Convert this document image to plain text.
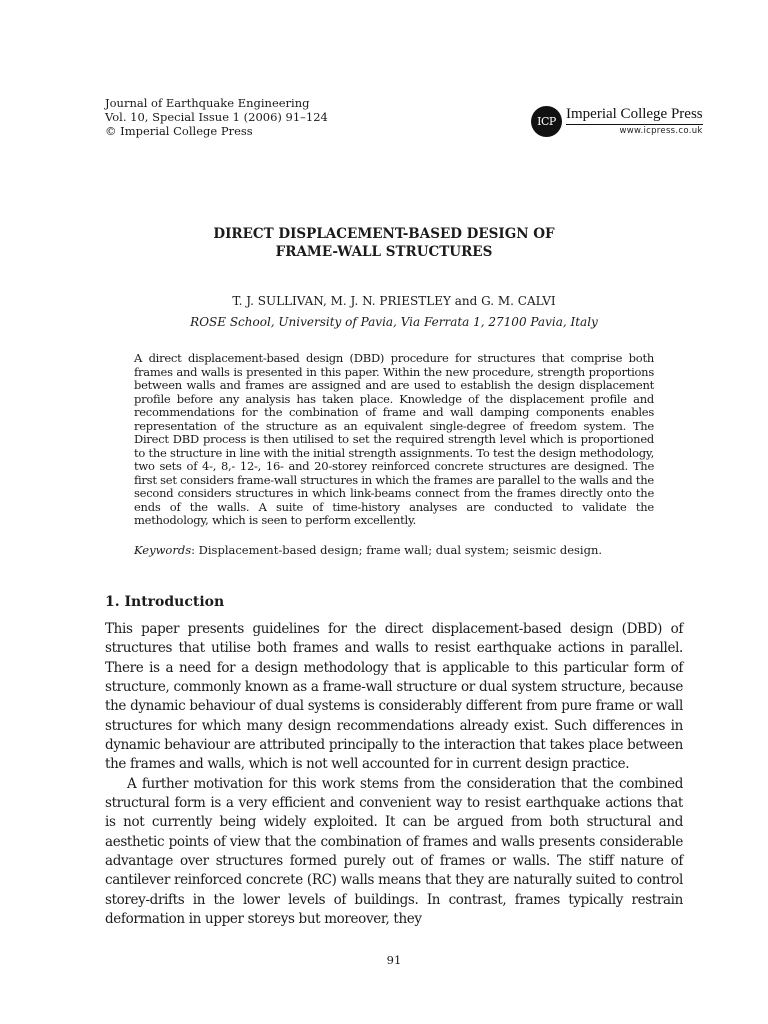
Journal of Earthquake Engineering
Vol. 10, Special Issue 1 (2006) 91–124
© Imperial College Press
ICP Imperial College Press
www.icpress.co.uk
DIRECT DISPLACEMENT-BASED DESIGN OF
FRAME-WALL STRUCTURES
T. J. SULLIVAN, M. J. N. PRIESTLEY and G. M. CALVI
ROSE School, University of Pavia, Via Ferrata 1, 27100 Pavia, Italy
A direct displacement-based design (DBD) procedure for structures that comprise both frames and walls is presented in this paper. Within the new procedure, strength proportions between walls and frames are assigned and are used to establish the design displacement profile before any analysis has taken place. Knowledge of the displacement profile and recommendations for the combination of frame and wall damping components enables representation of the structure as an equivalent single-degree of freedom system. The Direct DBD process is then utilised to set the required strength level which is proportioned to the structure in line with the initial strength assignments. To test the design methodology, two sets of 4-, 8,- 12-, 16- and 20-storey reinforced concrete structures are designed. The first set considers frame-wall structures in which the frames are parallel to the walls and the second considers structures in which link-beams connect from the frames directly onto the ends of the walls. A suite of time-history analyses are conducted to validate the methodology, which is seen to perform excellently.
Keywords: Displacement-based design; frame wall; dual system; seismic design.
1. Introduction

This paper presents guidelines for the direct displacement-based design (DBD) of structures that utilise both frames and walls to resist earthquake actions in parallel. There is a need for a design methodology that is applicable to this particular form of structure, commonly known as a frame-wall structure or dual system structure, because the dynamic behaviour of dual systems is considerably different from pure frame or wall structures for which many design recommendations already exist. Such differences in dynamic behaviour are attributed principally to the interaction that takes place between the frames and walls, which is not well accounted for in current design practice.

A further motivation for this work stems from the consideration that the combined structural form is a very efficient and convenient way to resist earthquake actions that is not currently being widely exploited. It can be argued from both structural and aesthetic points of view that the combination of frames and walls presents considerable advantage over structures formed purely out of frames or walls. The stiff nature of cantilever reinforced concrete (RC) walls means that they are naturally suited to control storey-drifts in the lower levels of buildings. In contrast, frames typically restrain deformation in upper storeys but moreover, they

91
